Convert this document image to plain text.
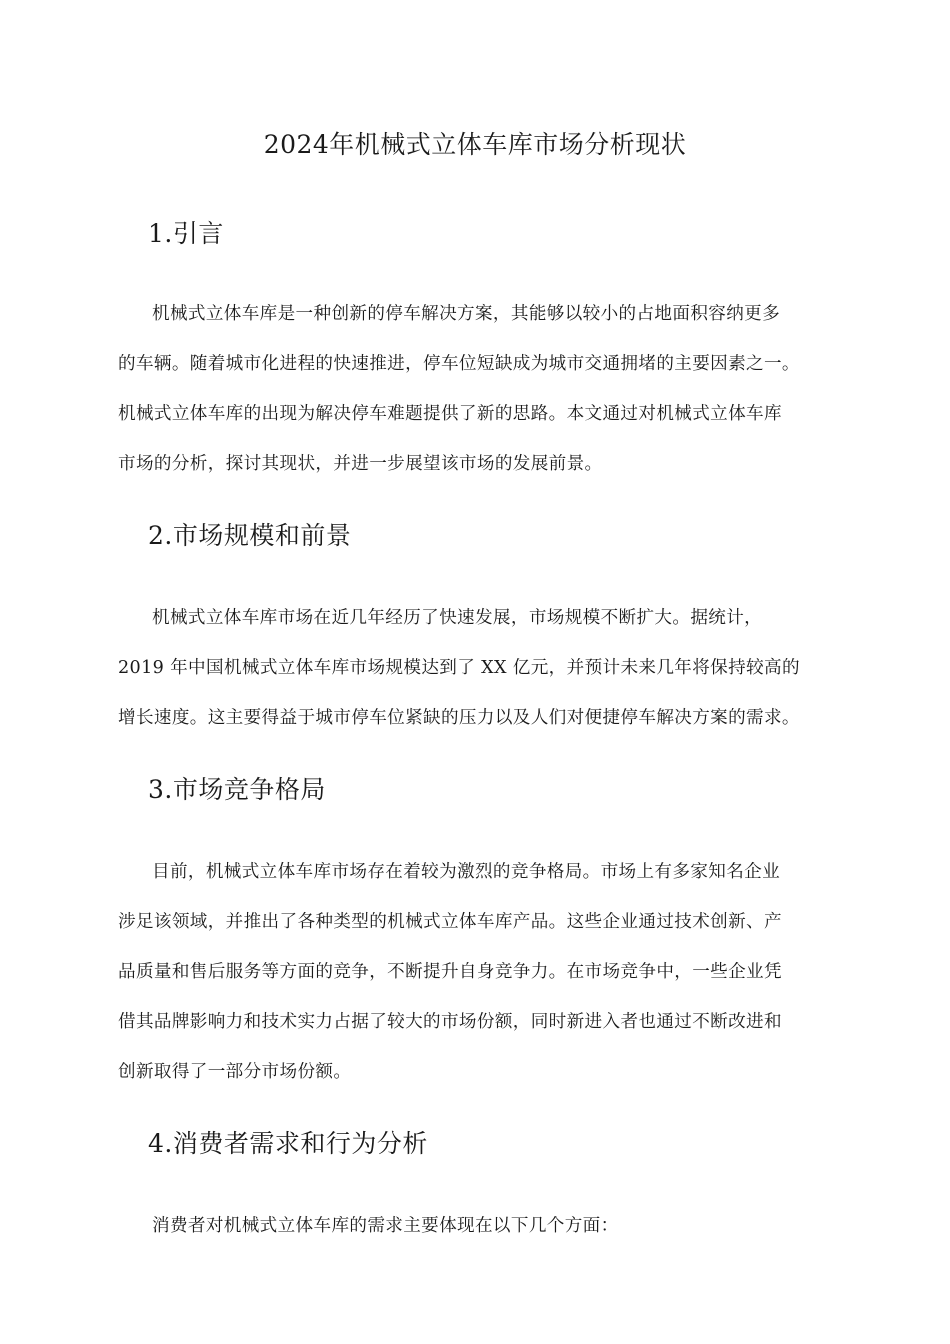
2024年机械式立体车库市场分析现状
1.引言
机械式立体车库是一种创新的停车解决方案，其能够以较小的占地面积容纳更多
的车辆。随着城市化进程的快速推进，停车位短缺成为城市交通拥堵的主要因素之一。
机械式立体车库的出现为解决停车难题提供了新的思路。本文通过对机械式立体车库
市场的分析，探讨其现状，并进一步展望该市场的发展前景。
2.市场规模和前景
机械式立体车库市场在近几年经历了快速发展，市场规模不断扩大。据统计，
2019 年中国机械式立体车库市场规模达到了 XX 亿元，并预计未来几年将保持较高的
增长速度。这主要得益于城市停车位紧缺的压力以及人们对便捷停车解决方案的需求。
3.市场竞争格局
目前，机械式立体车库市场存在着较为激烈的竞争格局。市场上有多家知名企业
涉足该领域，并推出了各种类型的机械式立体车库产品。这些企业通过技术创新、产
品质量和售后服务等方面的竞争，不断提升自身竞争力。在市场竞争中，一些企业凭
借其品牌影响力和技术实力占据了较大的市场份额，同时新进入者也通过不断改进和
创新取得了一部分市场份额。
4.消费者需求和行为分析
消费者对机械式立体车库的需求主要体现在以下几个方面：
